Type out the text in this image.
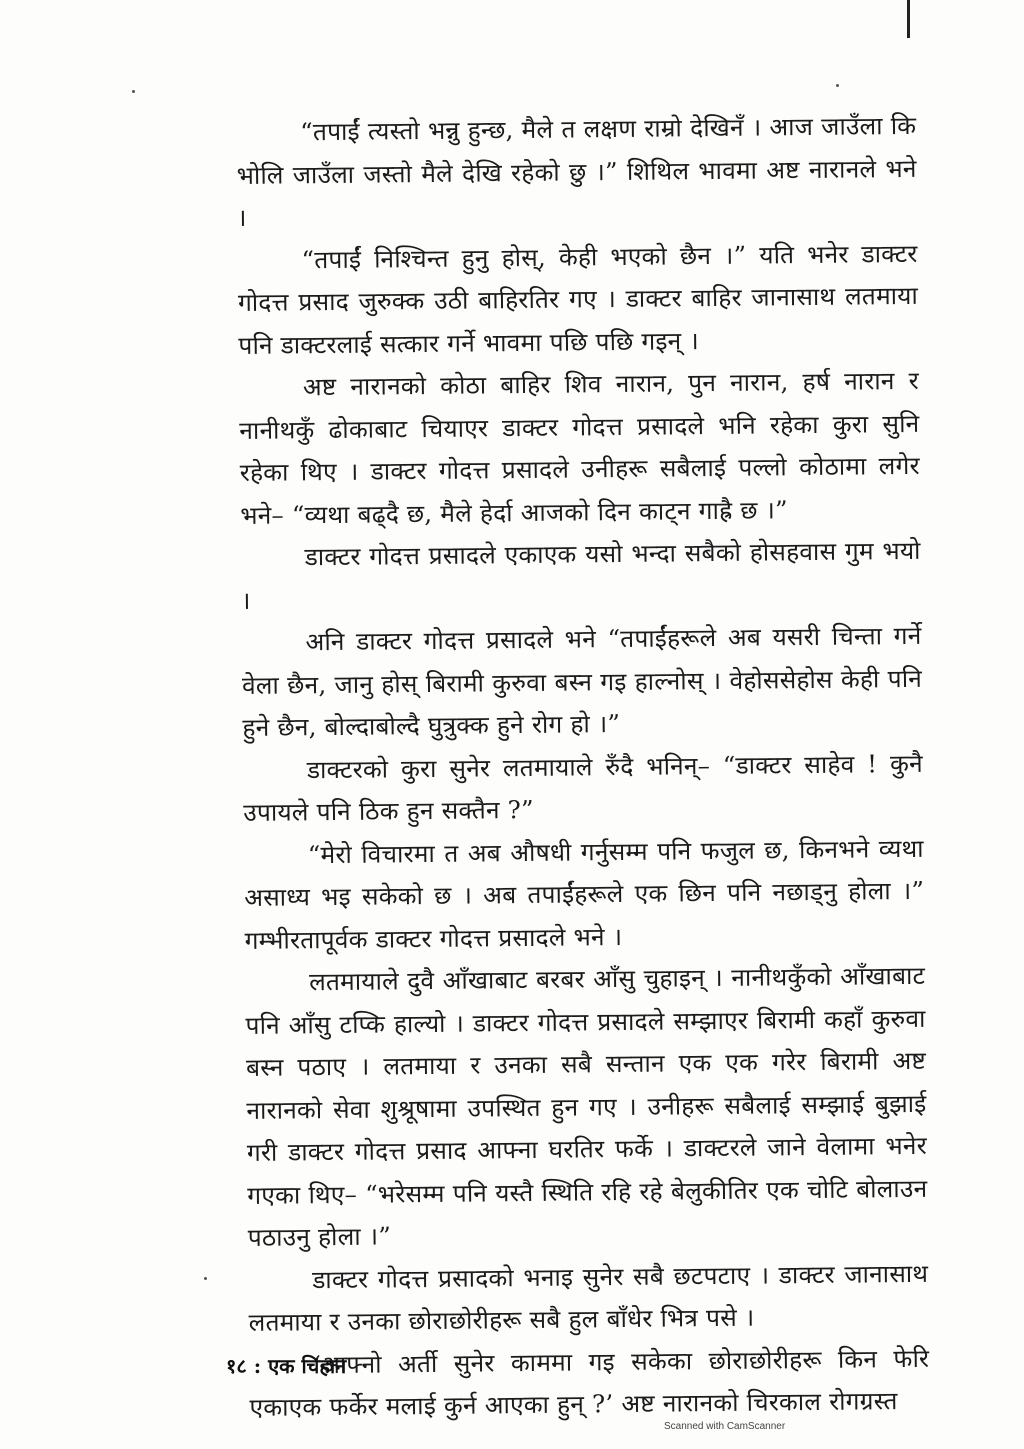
“तपाईं त्यस्तो भन्नु हुन्छ, मैले त लक्षण राम्रो देखिनँ । आज जाउँला कि भोलि जाउँला जस्तो मैले देखि रहेको छु ।” शिथिल भावमा अष्ट नारानले भने ।

“तपाईं निश्चिन्त हुनु होस्, केही भएको छैन ।” यति भनेर डाक्टर गोदत्त प्रसाद जुरुक्क उठी बाहिरतिर गए । डाक्टर बाहिर जानासाथ लतमाया पनि डाक्टरलाई सत्कार गर्ने भावमा पछि पछि गइन् ।

अष्ट नारानको कोठा बाहिर शिव नारान, पुन नारान, हर्ष नारान र नानीथकुँ ढोकाबाट चियाएर डाक्टर गोदत्त प्रसादले भनि रहेका कुरा सुनि रहेका थिए । डाक्टर गोदत्त प्रसादले उनीहरू सबैलाई पल्लो कोठामा लगेर भने– “व्यथा बढ्दै छ, मैले हेर्दा आजको दिन काट्न गाह्रै छ ।”

डाक्टर गोदत्त प्रसादले एकाएक यसो भन्दा सबैको होसहवास गुम भयो ।

अनि डाक्टर गोदत्त प्रसादले भने “तपाईंहरूले अब यसरी चिन्ता गर्ने वेला छैन, जानु होस् बिरामी कुरुवा बस्न गइ हाल्नोस् । वेहोससेहोस केही पनि हुने छैन, बोल्दाबोल्दै घुत्रुक्क हुने रोग हो ।”

डाक्टरको कुरा सुनेर लतमायाले रुँदै भनिन्– “डाक्टर साहेव ! कुनै उपायले पनि ठिक हुन सक्तैन ?”

“मेरो विचारमा त अब औषधी गर्नुसम्म पनि फजुल छ, किनभने व्यथा असाध्य भइ सकेको छ । अब तपाईंहरूले एक छिन पनि नछाड्नु होला ।” गम्भीरतापूर्वक डाक्टर गोदत्त प्रसादले भने ।

लतमायाले दुवै आँखाबाट बरबर आँसु चुहाइन् । नानीथकुँको आँखाबाट पनि आँसु टप्कि हाल्यो । डाक्टर गोदत्त प्रसादले सम्झाएर बिरामी कहाँ कुरुवा बस्न पठाए । लतमाया र उनका सबै सन्तान एक एक गरेर बिरामी अष्ट नारानको सेवा शुश्रूषामा उपस्थित हुन गए । उनीहरू सबैलाई सम्झाई बुझाई गरी डाक्टर गोदत्त प्रसाद आफ्ना घरतिर फर्के । डाक्टरले जाने वेलामा भनेर गएका थिए– “भरेसम्म पनि यस्तै स्थिति रहि रहे बेलुकीतिर एक चोटि बोलाउन पठाउनु होला ।”

डाक्टर गोदत्त प्रसादको भनाइ सुनेर सबै छटपटाए । डाक्टर जानासाथ लतमाया र उनका छोराछोरीहरू सबै हुल बाँधेर भित्र पसे ।

‘आफ्नो अर्ती सुनेर काममा गइ सकेका छोराछोरीहरू किन फेरि एकाएक फर्केर मलाई कुर्न आएका हुन् ?’ अष्ट नारानको चिरकाल रोगग्रस्त

१८ : एक चिहान
Scanned with CamScanner
